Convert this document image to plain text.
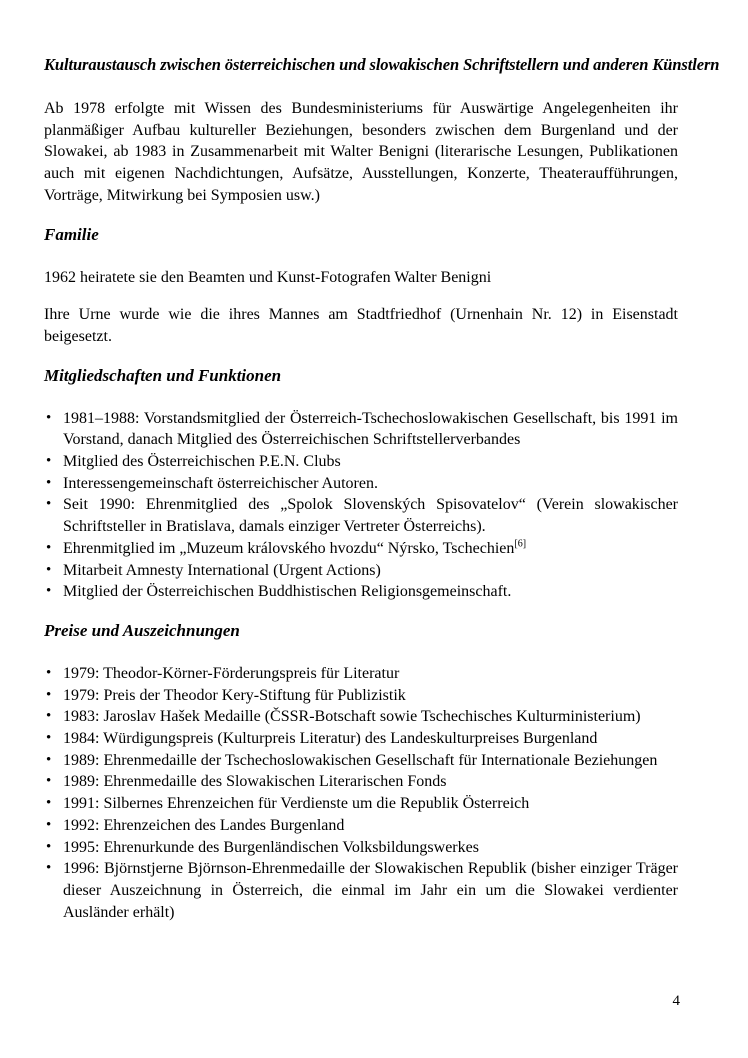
Kulturaustausch zwischen österreichischen und slowakischen Schriftstellern und anderen Künstlern

Ab 1978 erfolgte mit Wissen des Bundesministeriums für Auswärtige Angelegenheiten ihr planmäßiger Aufbau kultureller Beziehungen, besonders zwischen dem Burgenland und der Slowakei, ab 1983 in Zusammenarbeit mit Walter Benigni (literarische Lesungen, Publikationen auch mit eigenen Nachdichtungen, Aufsätze, Ausstellungen, Konzerte, Theateraufführungen, Vorträge, Mitwirkung bei Symposien usw.)

Familie

1962 heiratete sie den Beamten und Kunst-Fotografen Walter Benigni

Ihre Urne wurde wie die ihres Mannes am Stadtfriedhof (Urnenhain Nr. 12) in Eisenstadt beigesetzt.

Mitgliedschaften und Funktionen
• 1981–1988: Vorstandsmitglied der Österreich-Tschechoslowakischen Gesellschaft, bis 1991 im Vorstand, danach Mitglied des Österreichischen Schriftstellerverbandes
• Mitglied des Österreichischen P.E.N. Clubs
• Interessengemeinschaft österreichischer Autoren.
• Seit 1990: Ehrenmitglied des „Spolok Slovenských Spisovatelov“ (Verein slowakischer Schriftsteller in Bratislava, damals einziger Vertreter Österreichs).
• Ehrenmitglied im „Muzeum královského hvozdu“ Nýrsko, Tschechien[6]
• Mitarbeit Amnesty International (Urgent Actions)
• Mitglied der Österreichischen Buddhistischen Religionsgemeinschaft.
Preise und Auszeichnungen
• 1979: Theodor-Körner-Förderungspreis für Literatur
• 1979: Preis der Theodor Kery-Stiftung für Publizistik
• 1983: Jaroslav Hašek Medaille (ČSSR-Botschaft sowie Tschechisches Kulturministerium)
• 1984: Würdigungspreis (Kulturpreis Literatur) des Landeskulturpreises Burgenland
• 1989: Ehrenmedaille der Tschechoslowakischen Gesellschaft für Internationale Beziehungen
• 1989: Ehrenmedaille des Slowakischen Literarischen Fonds
• 1991: Silbernes Ehrenzeichen für Verdienste um die Republik Österreich
• 1992: Ehrenzeichen des Landes Burgenland
• 1995: Ehrenurkunde des Burgenländischen Volksbildungswerkes
• 1996: Björnstjerne Björnson-Ehrenmedaille der Slowakischen Republik (bisher einziger Träger dieser Auszeichnung in Österreich, die einmal im Jahr ein um die Slowakei verdienter Ausländer erhält)
4
